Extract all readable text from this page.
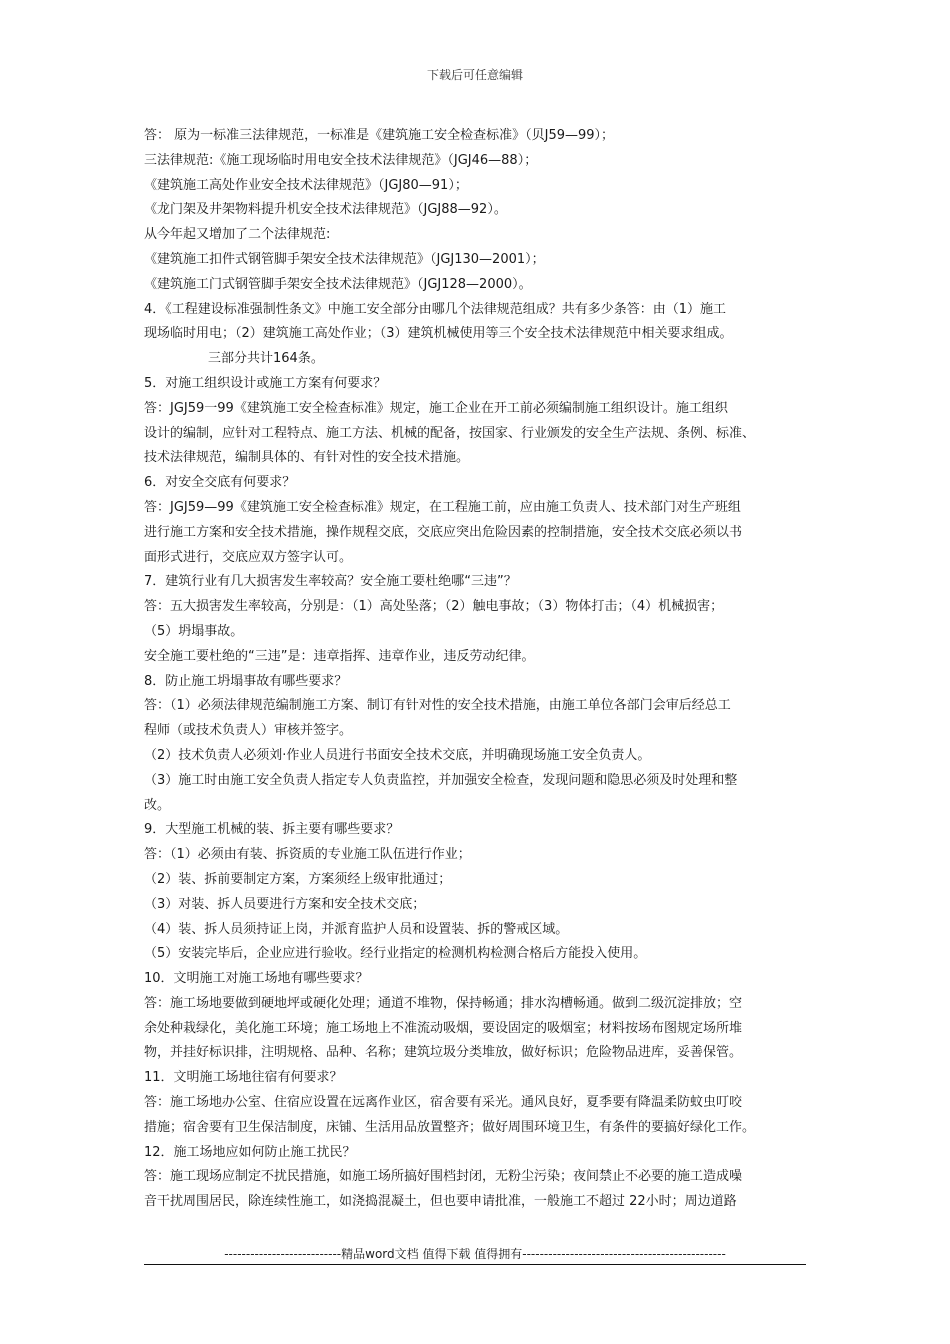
下载后可任意编辑
答： 原为一标准三法律规范，一标准是《建筑施工安全检查标准》（贝J59—99）；
三法律规范:《施工现场临时用电安全技术法律规范》（JGJ46—88）；
《建筑施工高处作业安全技术法律规范》（JGJ80—91）；
《龙门架及井架物料提升机安全技术法律规范》（JGJ88—92）。
从今年起又增加了二个法律规范:
《建筑施工扣件式钢管脚手架安全技术法律规范》（JGJ130—2001）；
《建筑施工门式钢管脚手架安全技术法律规范》（JGJ128—2000）。
4．《工程建设标准强制性条文》中施工安全部分由哪几个法律规范组成？共有多少条答：由（1）施工
现场临时用电；（2）建筑施工高处作业；（3）建筑机械使用等三个安全技术法律规范中相关要求组成。
三部分共计164条。
5．对施工组织设计或施工方案有何要求？
答：JGJ59一99《建筑施工安全检查标准》规定，施工企业在开工前必须编制施工组织设计。施工组织
设计的编制，应针对工程特点、施工方法、机械的配备，按国家、行业颁发的安全生产法规、条例、标准、
技术法律规范，编制具体的、有针对性的安全技术措施。
6．对安全交底有何要求？
答：JGJ59—99《建筑施工安全检查标准》规定，在工程施工前，应由施工负责人、技术部门对生产班组
进行施工方案和安全技术措施，操作规程交底，交底应突出危险因素的控制措施，安全技术交底必须以书
面形式进行，交底应双方签字认可。
7．建筑行业有几大损害发生率较高？安全施工要杜绝哪“三违”？
答：五大损害发生率较高，分别是：（1）高处坠落；（2）触电事故；（3）物体打击；（4）机械损害；
（5）坍塌事故。
安全施工要杜绝的“三违”是：违章指挥、违章作业，违反劳动纪律。
8．防止施工坍塌事故有哪些要求？
答：（1）必须法律规范编制施工方案、制订有针对性的安全技术措施，由施工单位各部门会审后经总工
程师（或技术负责人）审核并签字。
（2）技术负责人必须刘·作业人员进行书面安全技术交底，并明确现场施工安全负责人。
（3）施工时由施工安全负责人指定专人负责监控，并加强安全检查，发现问题和隐思必须及时处理和整
改。
9．大型施工机械的装、拆主要有哪些要求？
答：（1）必须由有装、拆资质的专业施工队伍进行作业；
（2）装、拆前要制定方案，方案须经上级审批通过；
（3）对装、拆人员要进行方案和安全技术交底；
（4）装、拆人员须持证上岗，并派育监护人员和设置装、拆的警戒区域。
（5）安装完毕后，企业应进行验收。经行业指定的检测机构检测合格后方能投入使用。
10．文明施工对施工场地有哪些要求？
答：施工场地要做到硬地坪或硬化处理；通道不堆物，保持畅通；排水沟槽畅通。做到二级沉淀排放；空
余处种栽绿化，美化施工环境；施工场地上不准流动吸烟，要设固定的吸烟室；材料按场布图规定场所堆
物，并挂好标识排，注明规格、品种、名称；建筑垃圾分类堆放，做好标识；危险物品进库，妥善保管。
11．文明施工场地往宿有何要求？
答：施工场地办公室、住宿应设置在远离作业区，宿舍要有采光。通风良好，夏季要有降温柔防蚊虫叮咬
措施；宿舍要有卫生保洁制度，床铺、生活用品放置整齐；做好周围环境卫生，有条件的要搞好绿化工作。
12．施工场地应如何防止施工扰民？
答：施工现场应制定不扰民措施，如施工场所搞好围档封闭，无粉尘污染；夜间禁止不必要的施工造成噪
音干扰周围居民，除连续性施工，如浇捣混凝土，但也要申请批准，一般施工不超过 22小时；周边道路
---------------------------精品word文档 值得下载 值得拥有-----------------------------------------------
